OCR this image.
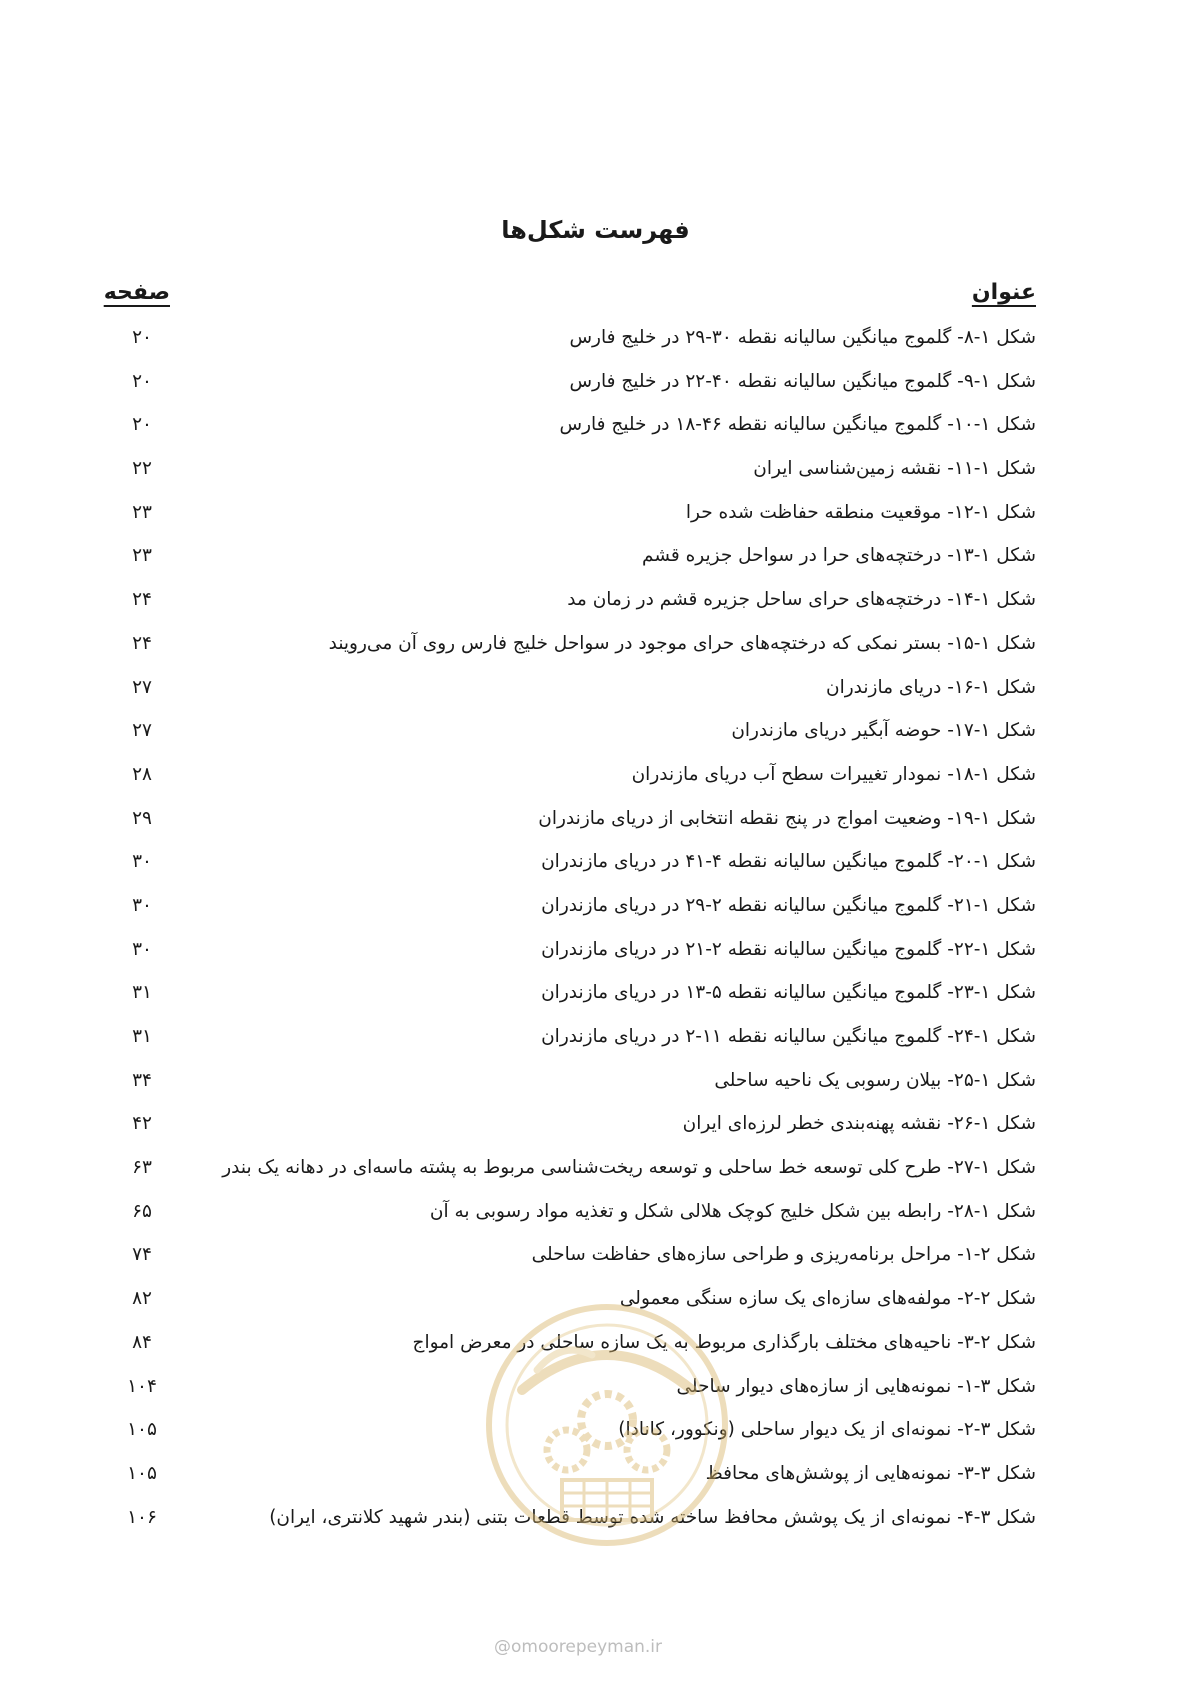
فهرست شکل‌ها
عنوان
صفحه
شکل ۱-۸- گلموج میانگین سالیانه نقطه ۳۰-۲۹ در خلیج فارس
۲۰
شکل ۱-۹- گلموج میانگین سالیانه نقطه ۴۰-۲۲ در خلیج فارس
۲۰
شکل ۱-۱۰- گلموج میانگین سالیانه نقطه ۴۶-۱۸ در خلیج فارس
۲۰
شکل ۱-۱۱- نقشه زمین‌شناسی ایران
۲۲
شکل ۱-۱۲- موقعیت منطقه حفاظت شده حرا
۲۳
شکل ۱-۱۳- درختچه‌های حرا در سواحل جزیره قشم
۲۳
شکل ۱-۱۴- درختچه‌های حرای ساحل جزیره قشم در زمان مد
۲۴
شکل ۱-۱۵- بستر نمکی که درختچه‌های حرای موجود در سواحل خلیج فارس روی آن می‌رویند
۲۴
شکل ۱-۱۶- دریای مازندران
۲۷
شکل ۱-۱۷- حوضه آبگیر دریای مازندران
۲۷
شکل ۱-۱۸- نمودار تغییرات سطح آب دریای مازندران
۲۸
شکل ۱-۱۹- وضعیت امواج در پنج نقطه انتخابی از دریای مازندران
۲۹
شکل ۱-۲۰- گلموج میانگین سالیانه نقطه ۴-۴۱ در دریای مازندران
۳۰
شکل ۱-۲۱- گلموج میانگین سالیانه نقطه ۲-۲۹ در دریای مازندران
۳۰
شکل ۱-۲۲- گلموج میانگین سالیانه نقطه ۲-۲۱ در دریای مازندران
۳۰
شکل ۱-۲۳- گلموج میانگین سالیانه نقطه ۵-۱۳ در دریای مازندران
۳۱
شکل ۱-۲۴- گلموج میانگین سالیانه نقطه ۱۱-۲ در دریای مازندران
۳۱
شکل ۱-۲۵- بیلان رسوبی یک ناحیه ساحلی
۳۴
شکل ۱-۲۶- نقشه پهنه‌بندی خطر لرزه‌ای ایران
۴۲
شکل ۱-۲۷- طرح کلی توسعه خط ساحلی و توسعه ریخت‌شناسی مربوط به پشته ماسه‌ای در دهانه یک بندر
۶۳
شکل ۱-۲۸- رابطه بین شکل خلیج کوچک هلالی شکل و تغذیه مواد رسوبی به آن
۶۵
شکل ۲-۱- مراحل برنامه‌ریزی و طراحی سازه‌های حفاظت ساحلی
۷۴
شکل ۲-۲- مولفه‌های سازه‌ای یک سازه سنگی معمولی
۸۲
شکل ۲-۳- ناحیه‌های مختلف بارگذاری مربوط به یک سازه ساحلی در معرض امواج
۸۴
شکل ۳-۱- نمونه‌هایی از سازه‌های دیوار ساحلی
۱۰۴
شکل ۳-۲- نمونه‌ای از یک دیوار ساحلی (ونکوور، کانادا)
۱۰۵
شکل ۳-۳- نمونه‌هایی از پوشش‌های محافظ
۱۰۵
شکل ۳-۴- نمونه‌ای از یک پوشش محافظ ساخته شده توسط قطعات بتنی (بندر شهید کلانتری، ایران)
۱۰۶
@omoorepeyman.ir
